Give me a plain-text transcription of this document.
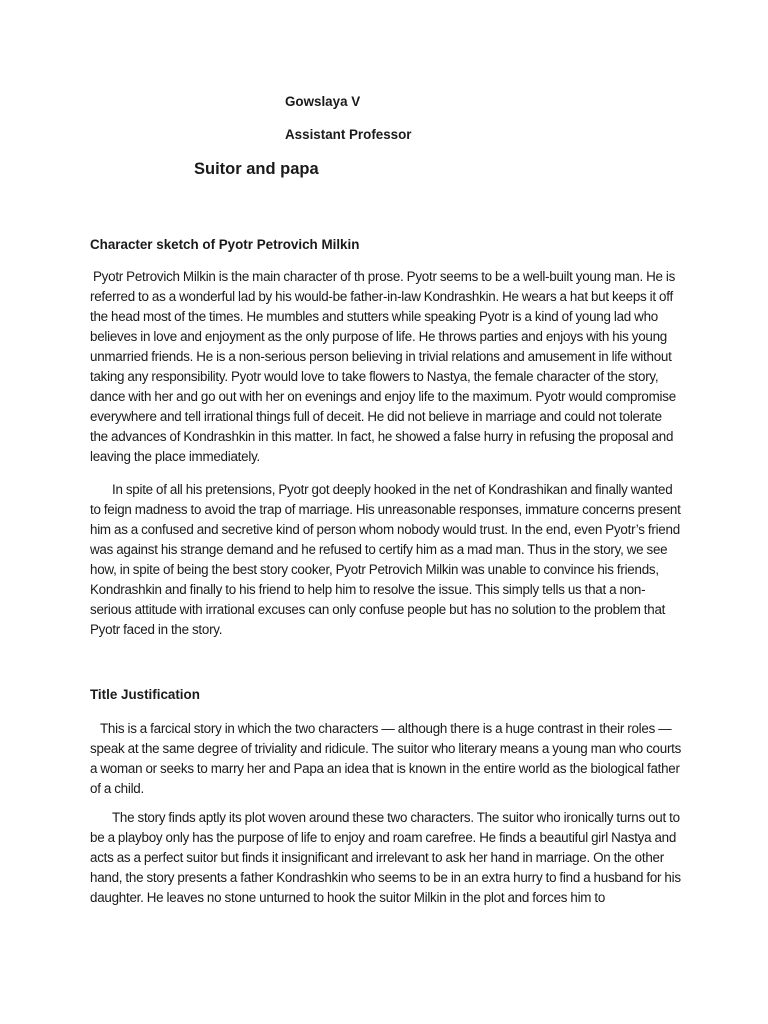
Gowslaya V

Assistant Professor

Suitor and papa

Character sketch of Pyotr Petrovich Milkin

Pyotr Petrovich Milkin is the main character of th prose. Pyotr seems to be a well-built young man. He is referred to as a wonderful lad by his would-be father-in-law Kondrashkin. He wears a hat but keeps it off the head most of the times. He mumbles and stutters while speaking Pyotr is a kind of young lad who believes in love and enjoyment as the only purpose of life. He throws parties and enjoys with his young unmarried friends. He is a non-serious person believing in trivial relations and amusement in life without taking any responsibility. Pyotr would love to take flowers to Nastya, the female character of the story, dance with her and go out with her on evenings and enjoy life to the maximum. Pyotr would compromise everywhere and tell irrational things full of deceit. He did not believe in marriage and could not tolerate the advances of Kondrashkin in this matter. In fact, he showed a false hurry in refusing the proposal and leaving the place immediately.

In spite of all his pretensions, Pyotr got deeply hooked in the net of Kondrashikan and finally wanted to feign madness to avoid the trap of marriage. His unreasonable responses, immature concerns present him as a confused and secretive kind of person whom nobody would trust. In the end, even Pyotr’s friend was against his strange demand and he refused to certify him as a mad man. Thus in the story, we see how, in spite of being the best story cooker, Pyotr Petrovich Milkin was unable to convince his friends, Kondrashkin and finally to his friend to help him to resolve the issue. This simply tells us that a non-serious attitude with irrational excuses can only confuse people but has no solution to the problem that Pyotr faced in the story.

Title Justification

This is a farcical story in which the two characters — although there is a huge contrast in their roles — speak at the same degree of triviality and ridicule. The suitor who literary means a young man who courts a woman or seeks to marry her and Papa an idea that is known in the entire world as the biological father of a child.

The story finds aptly its plot woven around these two characters. The suitor who ironically turns out to be a playboy only has the purpose of life to enjoy and roam carefree. He finds a beautiful girl Nastya and acts as a perfect suitor but finds it insignificant and irrelevant to ask her hand in marriage. On the other hand, the story presents a father Kondrashkin who seems to be in an extra hurry to find a husband for his daughter. He leaves no stone unturned to hook the suitor Milkin in the plot and forces him to
